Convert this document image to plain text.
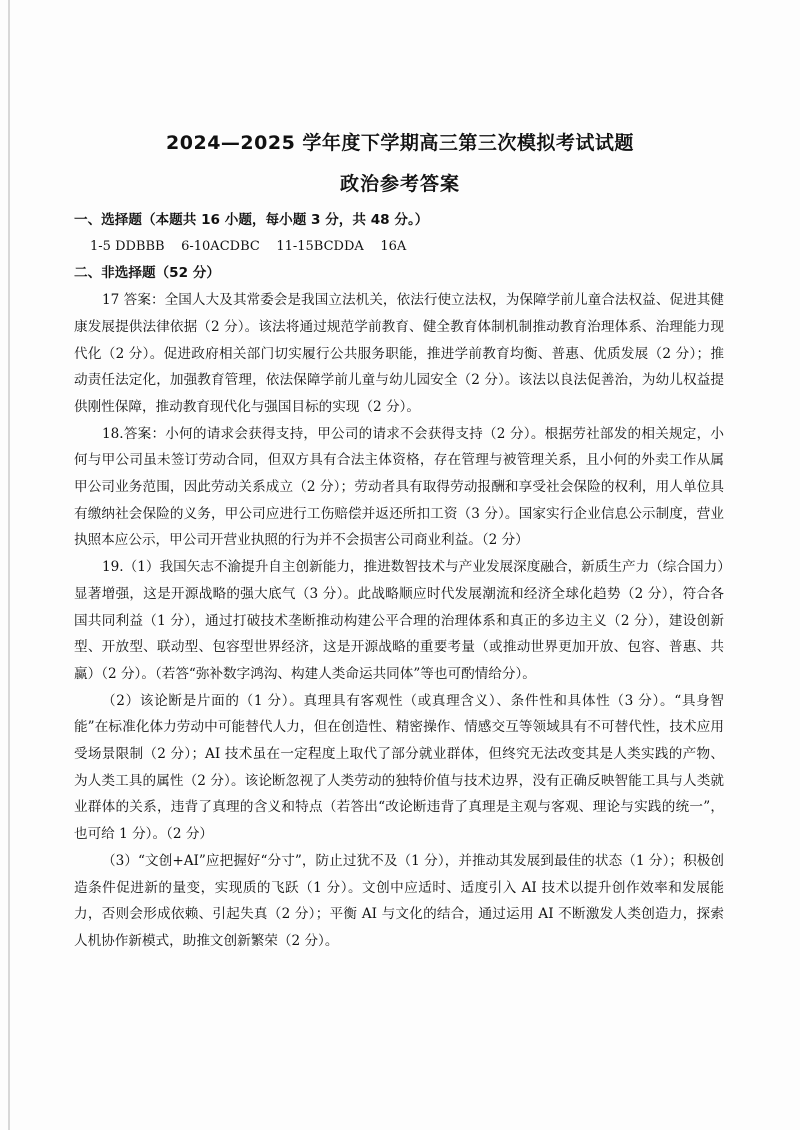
2024—2025 学年度下学期高三第三次模拟考试试题
政治参考答案

一、选择题（本题共 16 小题，每小题 3 分，共 48 分。）

1-5 DDBBB    6-10ACDBC    11-15BCDDA    16A

二、非选择题（52 分）

17 答案：全国人大及其常委会是我国立法机关，依法行使立法权，为保障学前儿童合法权益、促进其健康发展提供法律依据（2 分）。该法将通过规范学前教育、健全教育体制机制推动教育治理体系、治理能力现代化（2 分）。促进政府相关部门切实履行公共服务职能，推进学前教育均衡、普惠、优质发展（2 分）；推动责任法定化，加强教育管理，依法保障学前儿童与幼儿园安全（2 分）。该法以良法促善治，为幼儿权益提供刚性保障，推动教育现代化与强国目标的实现（2 分）。

18.答案：小何的请求会获得支持，甲公司的请求不会获得支持（2 分）。根据劳社部发的相关规定，小何与甲公司虽未签订劳动合同，但双方具有合法主体资格，存在管理与被管理关系，且小何的外卖工作从属甲公司业务范围，因此劳动关系成立（2 分）；劳动者具有取得劳动报酬和享受社会保险的权利，用人单位具有缴纳社会保险的义务，甲公司应进行工伤赔偿并返还所扣工资（3 分）。国家实行企业信息公示制度，营业执照本应公示，甲公司开营业执照的行为并不会损害公司商业利益。（2 分）

19.（1）我国矢志不渝提升自主创新能力，推进数智技术与产业发展深度融合，新质生产力（综合国力）显著增强，这是开源战略的强大底气（3 分）。此战略顺应时代发展潮流和经济全球化趋势（2 分），符合各国共同利益（1 分），通过打破技术垄断推动构建公平合理的治理体系和真正的多边主义（2 分），建设创新型、开放型、联动型、包容型世界经济，这是开源战略的重要考量（或推动世界更加开放、包容、普惠、共赢）（2 分）。（若答“弥补数字鸿沟、构建人类命运共同体”等也可酌情给分）。

（2）该论断是片面的（1 分）。真理具有客观性（或真理含义）、条件性和具体性（3 分）。“具身智能”在标准化体力劳动中可能替代人力，但在创造性、精密操作、情感交互等领域具有不可替代性，技术应用受场景限制（2 分）；AI 技术虽在一定程度上取代了部分就业群体，但终究无法改变其是人类实践的产物、为人类工具的属性（2 分）。该论断忽视了人类劳动的独特价值与技术边界，没有正确反映智能工具与人类就业群体的关系，违背了真理的含义和特点（若答出“改论断违背了真理是主观与客观、理论与实践的统一”，也可给 1 分）。（2 分）

（3）“文创+AI”应把握好“分寸”，防止过犹不及（1 分），并推动其发展到最佳的状态（1 分）；积极创造条件促进新的量变，实现质的飞跃（1 分）。文创中应适时、适度引入 AI 技术以提升创作效率和发展能力，否则会形成依赖、引起失真（2 分）；平衡 AI 与文化的结合，通过运用 AI 不断激发人类创造力，探索人机协作新模式，助推文创新繁荣（2 分）。
